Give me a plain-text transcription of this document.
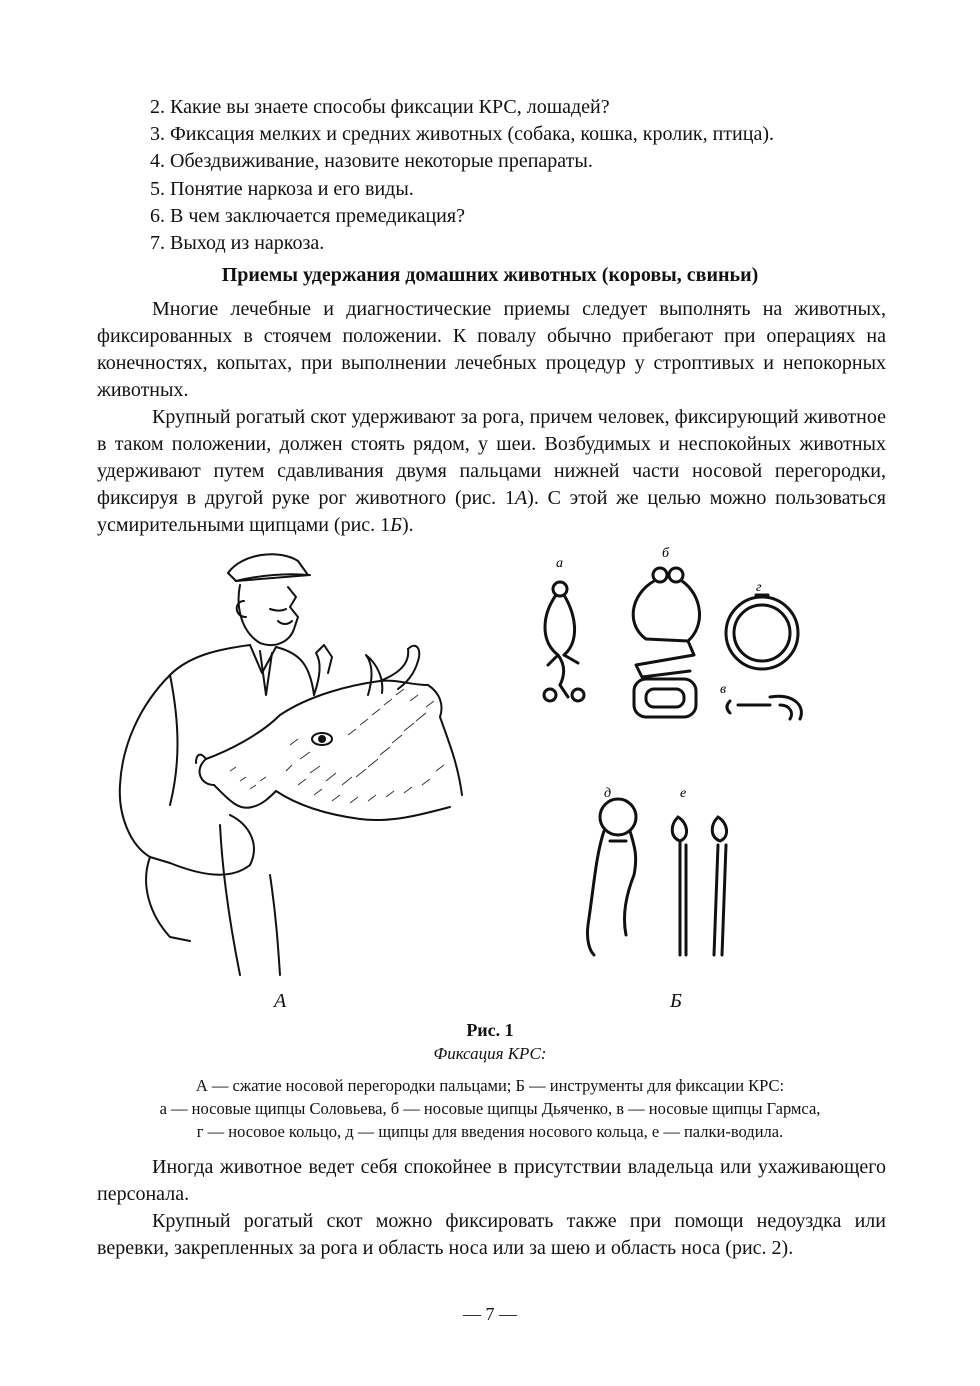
2. Какие вы знаете способы фиксации КРС, лошадей?
3. Фиксация мелких и средних животных (собака, кошка, кролик, птица).
4. Обездвиживание, назовите некоторые препараты.
5. Понятие наркоза и его виды.
6. В чем заключается премедикация?
7. Выход из наркоза.
Приемы удержания домашних животных (коровы, свиньи)

Многие лечебные и диагностические приемы следует выполнять на животных, фиксированных в стоячем положении. К повалу обычно прибегают при операциях на конечностях, копытах, при выполнении лечебных процедур у строптивых и непокорных животных.

Крупный рогатый скот удерживают за рога, причем человек, фиксирующий животное в таком положении, должен стоять рядом, у шеи. Возбудимых и неспокойных животных удерживают путем сдавливания двумя пальцами нижней части носовой перегородки, фиксируя в другой руке рог животного (рис. 1А). С этой же целью можно пользоваться усмирительными щипцами (рис. 1Б).

а
б
г
в
д	е
А	Б
Рис. 1
Фиксация КРС:
А — сжатие носовой перегородки пальцами; Б — инструменты для фиксации КРС:
а — носовые щипцы Соловьева, б — носовые щипцы Дьяченко, в — носовые щипцы Гармса,
г — носовое кольцо, д — щипцы для введения носового кольца, е — палки-водила.

Иногда животное ведет себя спокойнее в присутствии владельца или ухаживающего персонала.

Крупный рогатый скот можно фиксировать также при помощи недоуздка или веревки, закрепленных за рога и область носа или за шею и область носа (рис. 2).

— 7 —
